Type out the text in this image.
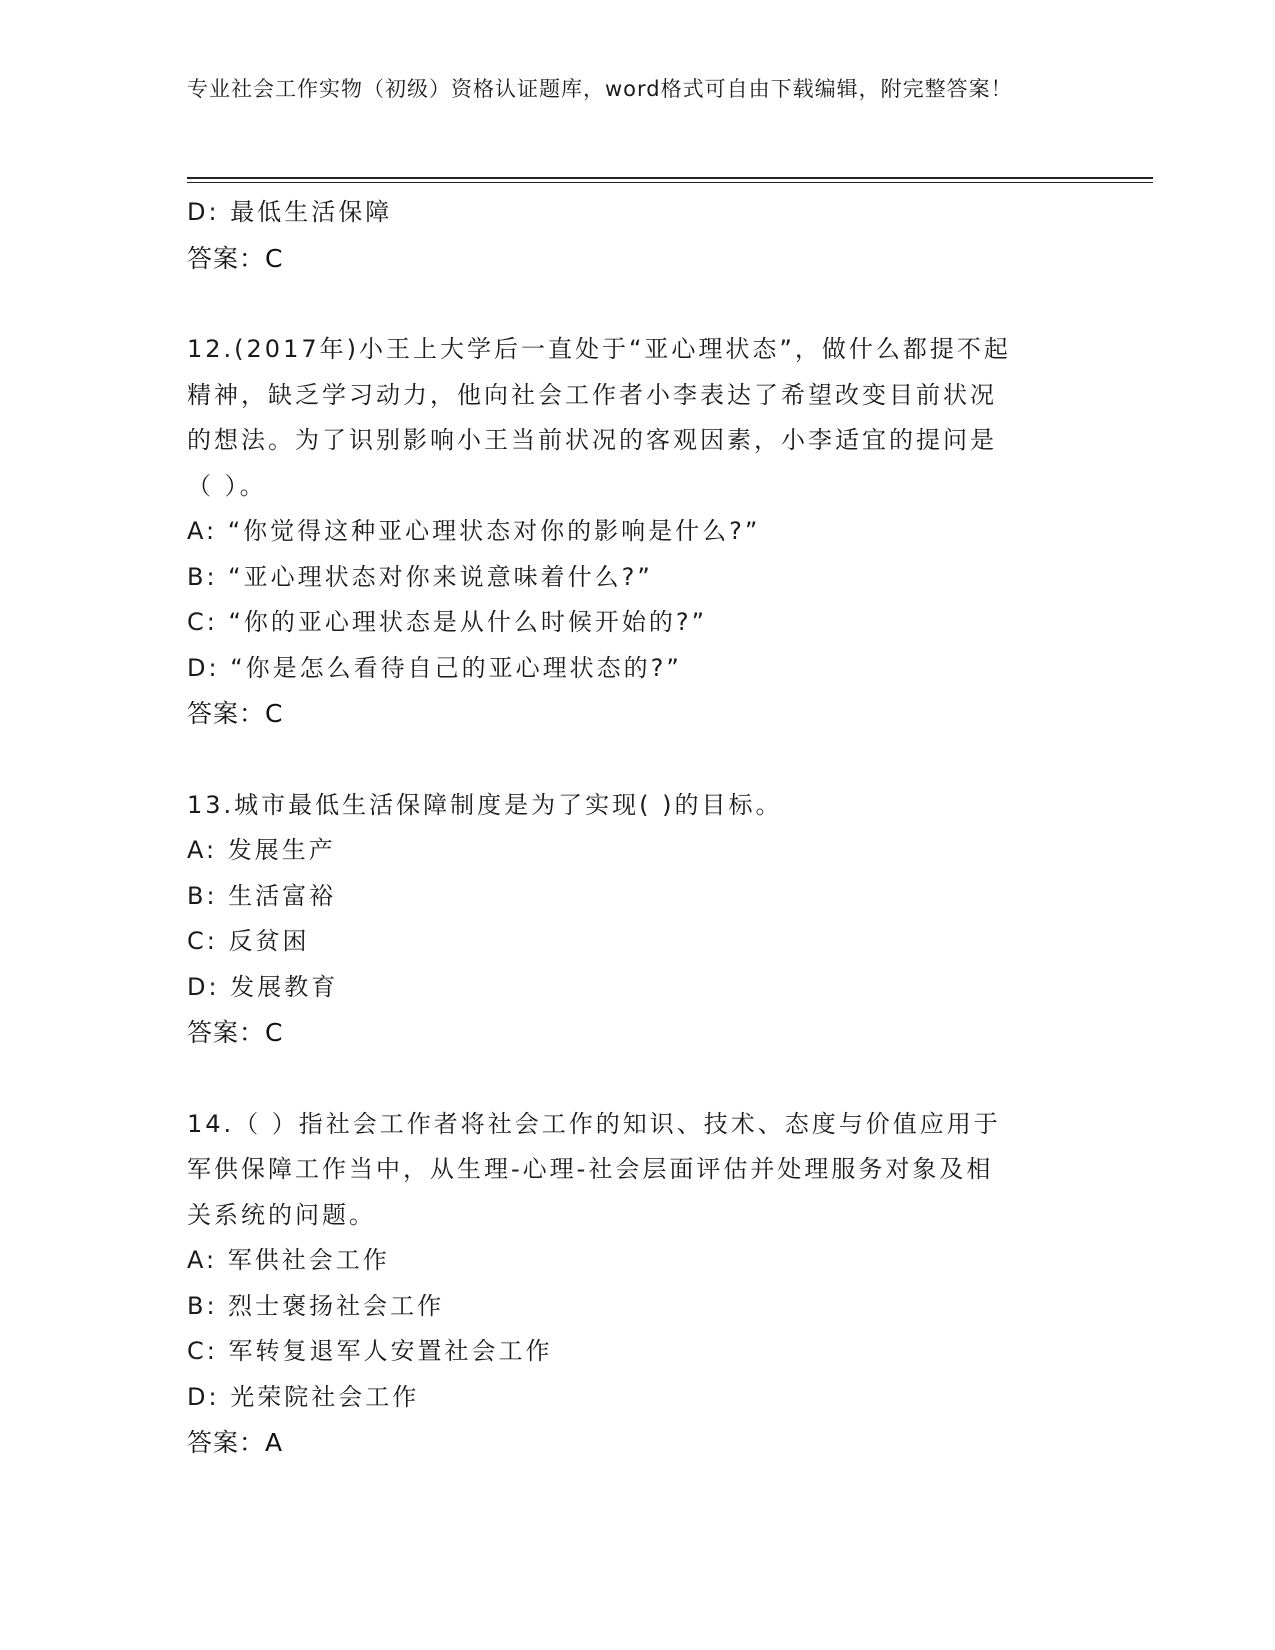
专业社会工作实物（初级）资格认证题库，word格式可自由下载编辑，附完整答案！
D: 最低生活保障
答案：C
12.(2017年)小王上大学后一直处于“亚心理状态”，做什么都提不起
精神，缺乏学习动力，他向社会工作者小李表达了希望改变目前状况
的想法。为了识别影响小王当前状况的客观因素，小李适宜的提问是
（ ）。
A: “你觉得这种亚心理状态对你的影响是什么?”
B: “亚心理状态对你来说意味着什么?”
C: “你的亚心理状态是从什么时候开始的?”
D: “你是怎么看待自己的亚心理状态的?”
答案：C
13.城市最低生活保障制度是为了实现( )的目标。
A: 发展生产
B: 生活富裕
C: 反贫困
D: 发展教育
答案：C
14.（ ）指社会工作者将社会工作的知识、技术、态度与价值应用于
军供保障工作当中，从生理-心理-社会层面评估并处理服务对象及相
关系统的问题。
A: 军供社会工作
B: 烈士褒扬社会工作
C: 军转复退军人安置社会工作
D: 光荣院社会工作
答案：A
